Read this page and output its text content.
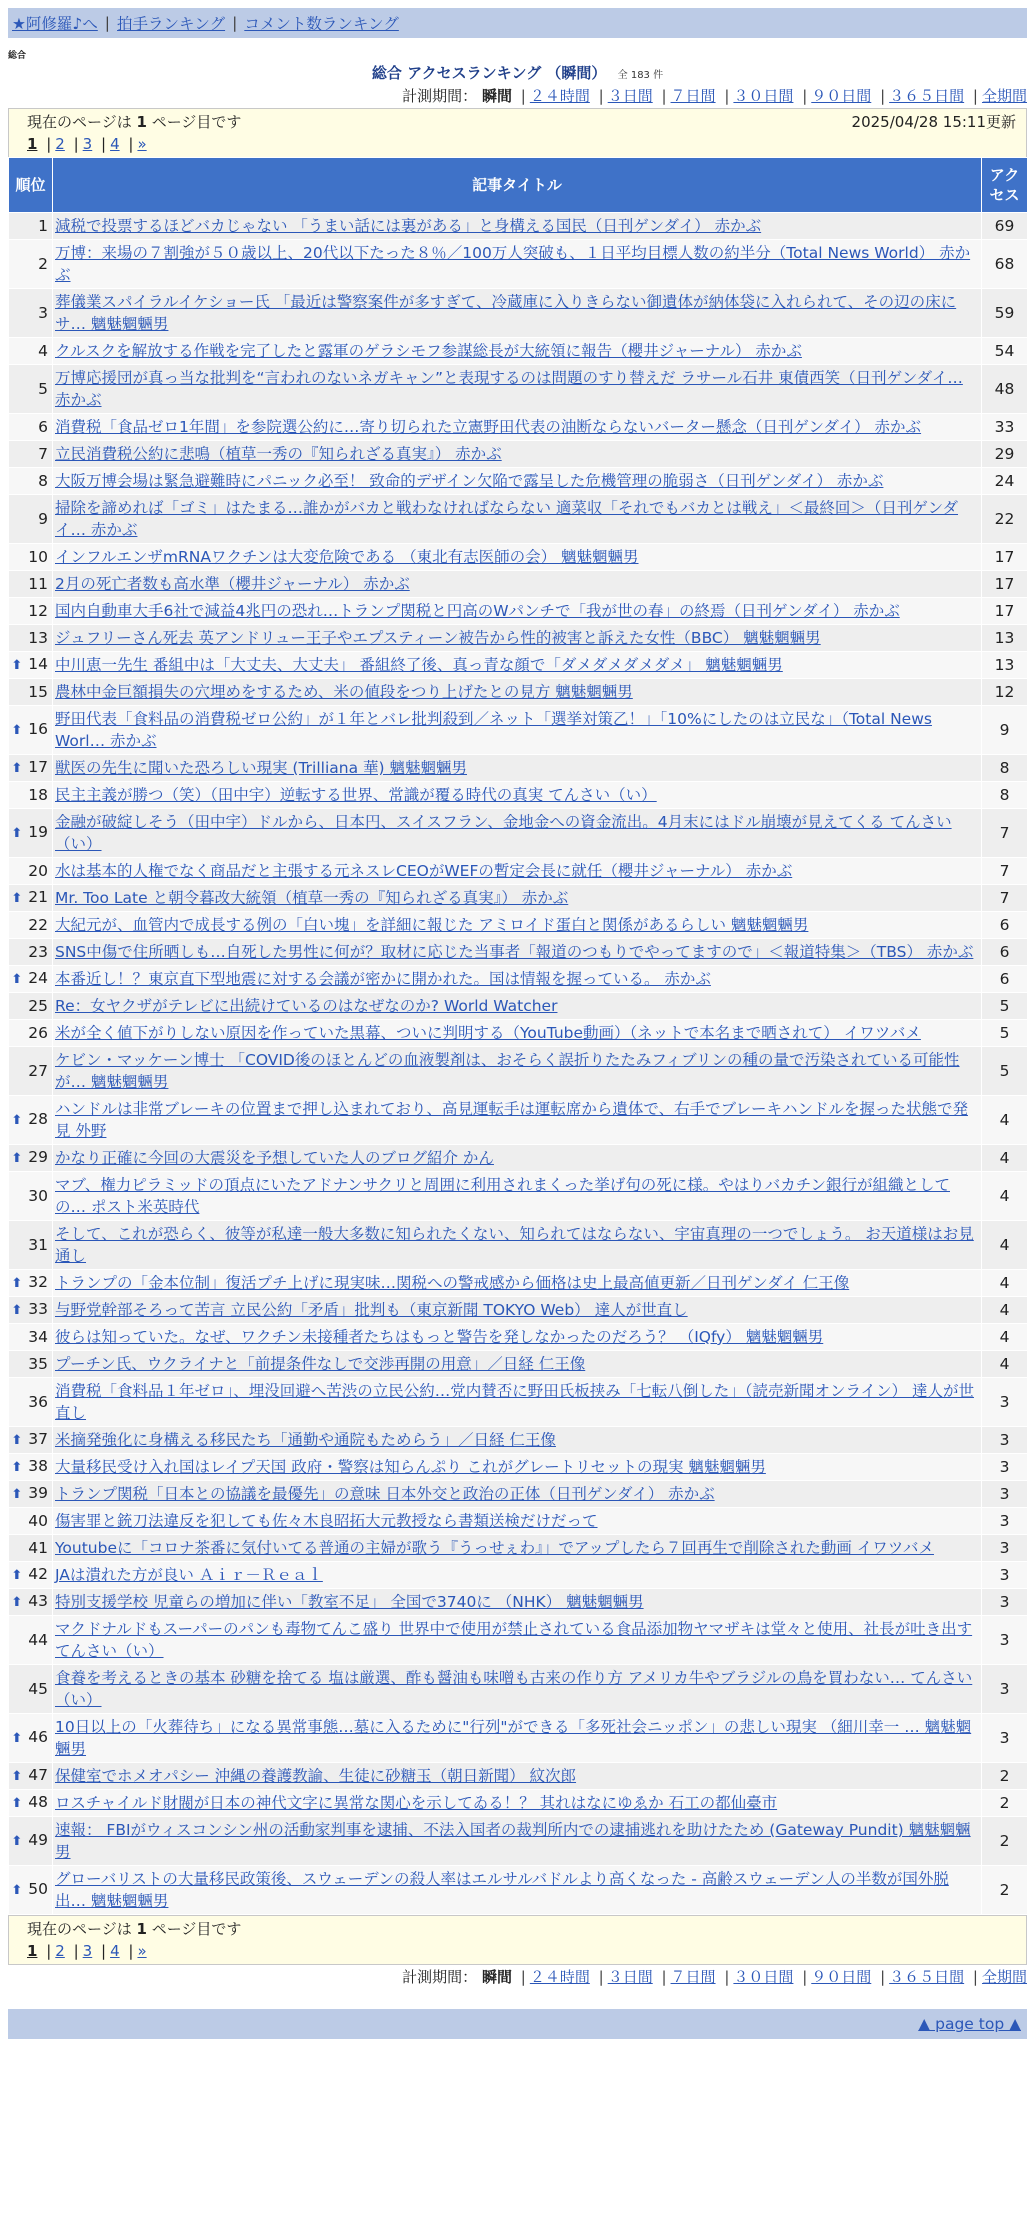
★阿修羅♪へ | 拍手ランキング | コメント数ランキング
総合
総合 アクセスランキング （瞬間） 全 183 件
計測期間： 瞬間 | ２４時間 | ３日間 | ７日間 | ３０日間 | ９０日間 | ３６５日間 | 全期間
現在のページは 1 ページ目です	2025/04/28 15:11更新
1 | 2 | 3 | 4 | »
順位	記事タイトル	アクセス
1	減税で投票するほどバカじゃない 「うまい話には裏がある」と身構える国民（日刊ゲンダイ） 赤かぶ	69
2	万博：来場の７割強が５０歳以上、20代以下たった８％／100万人突破も、１日平均目標人数の約半分（Total News World） 赤かぶ	68
3	葬儀業スパイラルイケショー氏 「最近は警察案件が多すぎて、冷蔵庫に入りきらない御遺体が納体袋に入れられて、その辺の床にサ… 魑魅魍魎男	59
4	クルスクを解放する作戦を完了したと露軍のゲラシモフ参謀総長が大統領に報告（櫻井ジャーナル） 赤かぶ	54
5	万博応援団が真っ当な批判を“言われのないネガキャン”と表現するのは問題のすり替えだ ラサール石井 東債西笑（日刊ゲンダイ… 赤かぶ	48
6	消費税「食品ゼロ1年間」を参院選公約に…寄り切られた立憲野田代表の油断ならないバーター懸念（日刊ゲンダイ） 赤かぶ	33
7	立民消費税公約に悲鳴（植草一秀の『知られざる真実』） 赤かぶ	29
8	大阪万博会場は緊急避難時にパニック必至！ 致命的デザイン欠陥で露呈した危機管理の脆弱さ（日刊ゲンダイ） 赤かぶ	24
9	掃除を諦めれば「ゴミ」はたまる…誰かがバカと戦わなければならない 適菜収「それでもバカとは戦え」＜最終回＞（日刊ゲンダイ… 赤かぶ	22
10	インフルエンザmRNAワクチンは大変危険である （東北有志医師の会） 魑魅魍魎男	17
11	2月の死亡者数も高水準（櫻井ジャーナル） 赤かぶ	17
12	国内自動車大手6社で減益4兆円の恐れ…トランプ関税と円高のWパンチで「我が世の春」の終焉（日刊ゲンダイ） 赤かぶ	17
13	ジュフリーさん死去 英アンドリュー王子やエプスティーン被告から性的被害と訴えた女性（BBC） 魑魅魍魎男	13
⬆ 14	中川恵一先生 番組中は「大丈夫、大丈夫」 番組終了後、真っ青な顔で「ダメダメダメダメ」 魑魅魍魎男	13
15	農林中金巨額損失の穴埋めをするため、米の値段をつり上げたとの見方 魑魅魍魎男	12
⬆ 16	野田代表「食料品の消費税ゼロ公約」が１年とバレ批判殺到／ネット「選挙対策乙！」「10%にしたのは立民な」（Total News Worl… 赤かぶ	9
⬆ 17	獣医の先生に聞いた恐ろしい現実 (Trilliana 華) 魑魅魍魎男	8
18	民主主義が勝つ（笑）（田中宇）逆転する世界、常識が覆る時代の真実 てんさい（い）	8
⬆ 19	金融が破綻しそう（田中宇）ドルから、日本円、スイスフラン、金地金への資金流出。4月末にはドル崩壊が見えてくる てんさい（い）	7
20	水は基本的人権でなく商品だと主張する元ネスレCEOがWEFの暫定会長に就任（櫻井ジャーナル） 赤かぶ	7
⬆ 21	Mr. Too Late と朝令暮改大統領（植草一秀の『知られざる真実』） 赤かぶ	7
22	大紀元が、血管内で成長する例の「白い塊」を詳細に報じた アミロイド蛋白と関係があるらしい 魑魅魍魎男	6
23	SNS中傷で住所晒しも…自死した男性に何が？取材に応じた当事者「報道のつもりでやってますので」＜報道特集＞（TBS） 赤かぶ	6
⬆ 24	本番近し！？東京直下型地震に対する会議が密かに開かれた。国は情報を握っている。 赤かぶ	6
25	Re：女ヤクザがテレビに出続けているのはなぜなのか? World Watcher	5
26	米が全く値下がりしない原因を作っていた黒幕、ついに判明する（YouTube動画）（ネットで本名まで晒されて） イワツバメ	5
27	ケビン・マッケーン博士 「COVID後のほとんどの血液製剤は、おそらく誤折りたたみフィブリンの種の量で汚染されている可能性が… 魑魅魍魎男	5
⬆ 28	ハンドルは非常ブレーキの位置まで押し込まれており、高見運転手は運転席から遺体で、右手でブレーキハンドルを握った状態で発見 外野	4
⬆ 29	かなり正確に今回の大震災を予想していた人のブログ紹介 かん	4
30	マブ、権力ピラミッドの頂点にいたアドナンサクリと周囲に利用されまくった挙げ句の死に様。やはりバカチン銀行が組織としての… ポスト米英時代	4
31	そして、これが恐らく、彼等が私達一般大多数に知られたくない、知られてはならない、宇宙真理の一つでしょう。 お天道様はお見通し	4
⬆ 32	トランプの「金本位制」復活プチ上げに現実味…関税への警戒感から価格は史上最高値更新／日刊ゲンダイ 仁王像	4
⬆ 33	与野党幹部そろって苦言 立民公約「矛盾」批判も（東京新聞 TOKYO Web） 達人が世直し	4
34	彼らは知っていた。なぜ、ワクチン未接種者たちはもっと警告を発しなかったのだろう？ （IQfy） 魑魅魍魎男	4
35	プーチン氏、ウクライナと「前提条件なしで交渉再開の用意」／日経 仁王像	4
36	消費税「食料品１年ゼロ」、埋没回避へ苦渋の立民公約…党内賛否に野田氏板挟み「七転八倒した」（読売新聞オンライン） 達人が世直し	3
⬆ 37	米摘発強化に身構える移民たち「通勤や通院もためらう」／日経 仁王像	3
⬆ 38	大量移民受け入れ国はレイプ天国 政府・警察は知らんぷり これがグレートリセットの現実 魑魅魍魎男	3
⬆ 39	トランプ関税「日本との協議を最優先」の意味 日本外交と政治の正体（日刊ゲンダイ） 赤かぶ	3
40	傷害罪と銃刀法違反を犯しても佐々木良昭拓大元教授なら書類送検だけだって	3
41	Youtubeに「コロナ茶番に気付いてる普通の主婦が歌う『うっせぇわ』」でアップしたら７回再生で削除された動画 イワツバメ	3
⬆ 42	JAは潰れた方が良い Ａｉｒ－Ｒｅａｌ	3
⬆ 43	特別支援学校 児童らの増加に伴い「教室不足」 全国で3740に （NHK） 魑魅魍魎男	3
44	マクドナルドもスーパーのパンも毒物てんこ盛り 世界中で使用が禁止されている食品添加物ヤマザキは堂々と使用、社長が吐き出す てんさい（い）	3
45	食養を考えるときの基本 砂糖を捨てる 塩は厳選、酢も醤油も味噌も古来の作り方 アメリカ牛やブラジルの鳥を買わない… てんさい（い）	3
⬆ 46	10日以上の「火葬待ち」になる異常事態…墓に入るために"行列"ができる「多死社会ニッポン」の悲しい現実 （細川幸一 … 魑魅魍魎男	3
⬆ 47	保健室でホメオパシー 沖縄の養護教諭、生徒に砂糖玉（朝日新聞） 紋次郎	2
⬆ 48	ロスチャイルド財閥が日本の神代文字に異常な関心を示してゐる！？ 其れはなにゆゑか 石工の都仙臺市	2
⬆ 49	速報： FBIがウィスコンシン州の活動家判事を逮捕、不法入国者の裁判所内での逮捕逃れを助けたため (Gateway Pundit) 魑魅魍魎男	2
⬆ 50	グローバリストの大量移民政策後、スウェーデンの殺人率はエルサルバドルより高くなった - 高齢スウェーデン人の半数が国外脱出… 魑魅魍魎男	2
現在のページは 1 ページ目です
1 | 2 | 3 | 4 | »
計測期間： 瞬間 | ２４時間 | ３日間 | ７日間 | ３０日間 | ９０日間 | ３６５日間 | 全期間
▲ page top ▲
